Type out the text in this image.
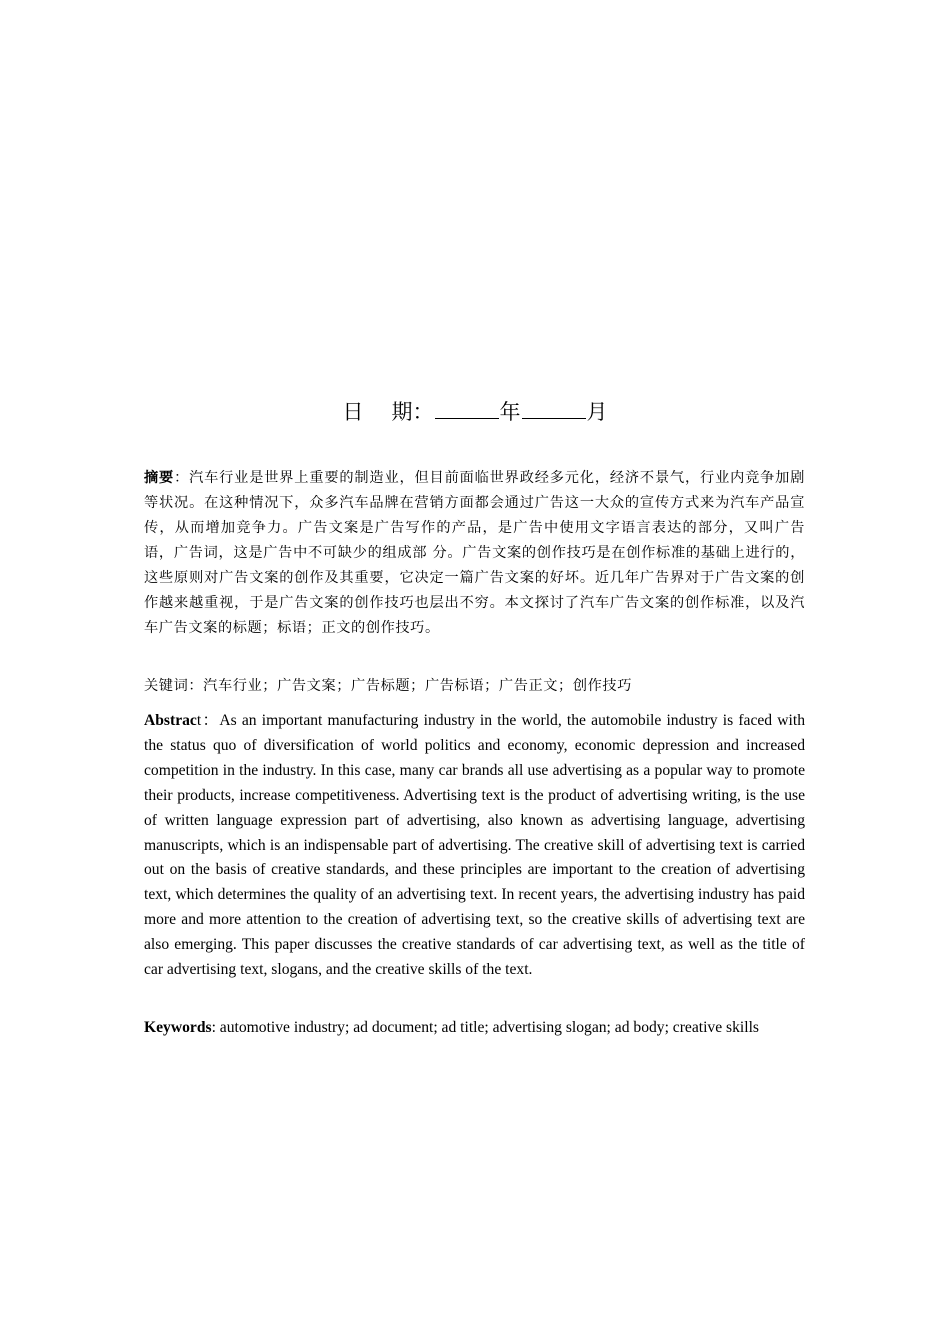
日 期：	年	月
摘要：汽车行业是世界上重要的制造业，但目前面临世界政经多元化，经济不景气，行业内竞争加剧等状况。在这种情况下，众多汽车品牌在营销方面都会通过广告这一大众的宣传方式来为汽车产品宣传，从而增加竞争力。广告文案是广告写作的产品，是广告中使用文字语言表达的部分，又叫广告语，广告词，这是广告中不可缺少的组成部 分。广告文案的创作技巧是在创作标准的基础上进行的，这些原则对广告文案的创作及其重要，它决定一篇广告文案的好坏。近几年广告界对于广告文案的创作越来越重视，于是广告文案的创作技巧也层出不穷。本文探讨了汽车广告文案的创作标准，以及汽车广告文案的标题；标语；正文的创作技巧。
关键词：汽车行业；广告文案；广告标题；广告标语；广告正文；创作技巧
Abstract：As an important manufacturing industry in the world, the automobile industry is faced with the status quo of diversification of world politics and economy, economic depression and increased competition in the industry. In this case, many car brands all use advertising as a popular way to promote their products, increase competitiveness. Advertising text is the product of advertising writing, is the use of written language expression part of advertising, also known as advertising language, advertising manuscripts, which is an indispensable part of advertising. The creative skill of advertising text is carried out on the basis of creative standards, and these principles are important to the creation of advertising text, which determines the quality of an advertising text. In recent years, the advertising industry has paid more and more attention to the creation of advertising text, so the creative skills of advertising text are also emerging. This paper discusses the creative standards of car advertising text, as well as the title of car advertising text, slogans, and the creative skills of the text.
Keywords: automotive industry; ad document; ad title; advertising slogan; ad body; creative skills
